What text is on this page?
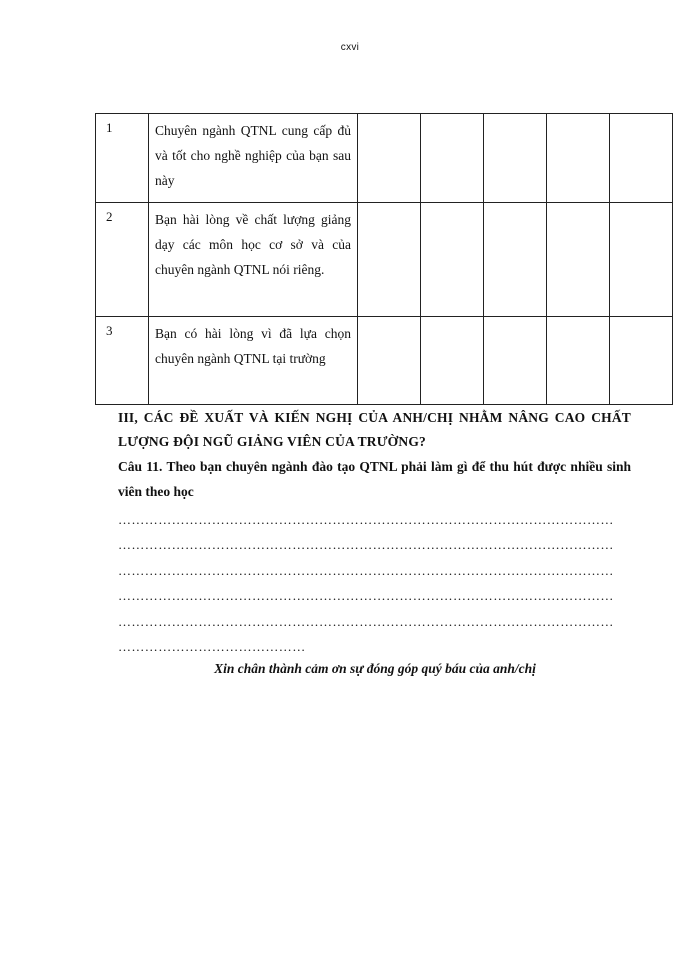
cxvi
1	Chuyên ngành QTNL cung cấp đủ và tốt cho nghề nghiệp của bạn sau này					
2	Bạn hài lòng về chất lượng giảng dạy các môn học cơ sở và của chuyên ngành QTNL nói riêng.					
3	Bạn có hài lòng vì đã lựa chọn chuyên ngành QTNL tại trường					
III, CÁC ĐỀ XUẤT VÀ KIẾN NGHỊ CỦA ANH/CHỊ NHẰM NÂNG CAO CHẤT LƯỢNG ĐỘI NGŨ GIẢNG VIÊN CỦA TRƯỜNG?
Câu 11. Theo bạn chuyên ngành đào tạo QTNL phải làm gì để thu hút được nhiều sinh viên theo học
…………………………………………………………………………………………………
…………………………………………………………………………………………………
…………………………………………………………………………………………………
…………………………………………………………………………………………………
…………………………………………………………………………………………………
……………………………………
Xin chân thành cảm ơn sự đóng góp quý báu của anh/chị
